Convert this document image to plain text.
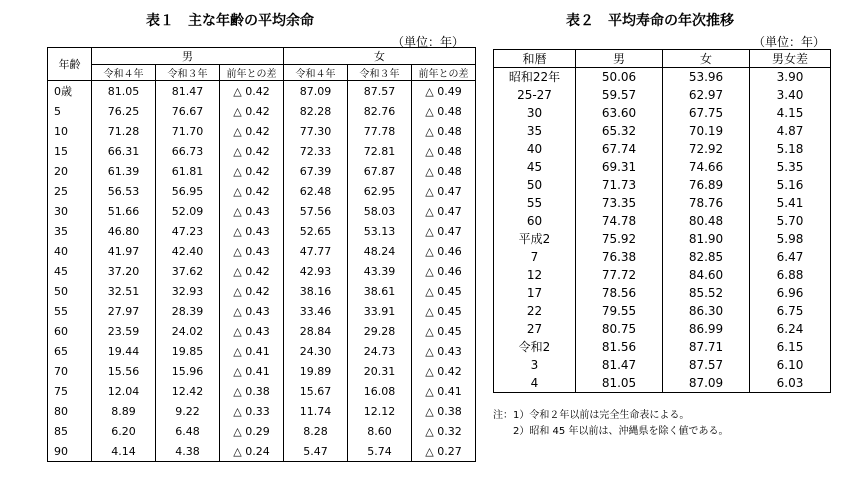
表１　主な年齢の平均余命
（単位：年）
年齢	男			女		
	令和４年	令和３年	前年との差	令和４年	令和３年	前年との差
0歳	81.05	81.47	△ 0.42	87.09	87.57	△ 0.49
5	76.25	76.67	△ 0.42	82.28	82.76	△ 0.48
10	71.28	71.70	△ 0.42	77.30	77.78	△ 0.48
15	66.31	66.73	△ 0.42	72.33	72.81	△ 0.48
20	61.39	61.81	△ 0.42	67.39	67.87	△ 0.48
25	56.53	56.95	△ 0.42	62.48	62.95	△ 0.47
30	51.66	52.09	△ 0.43	57.56	58.03	△ 0.47
35	46.80	47.23	△ 0.43	52.65	53.13	△ 0.47
40	41.97	42.40	△ 0.43	47.77	48.24	△ 0.46
45	37.20	37.62	△ 0.42	42.93	43.39	△ 0.46
50	32.51	32.93	△ 0.42	38.16	38.61	△ 0.45
55	27.97	28.39	△ 0.43	33.46	33.91	△ 0.45
60	23.59	24.02	△ 0.43	28.84	29.28	△ 0.45
65	19.44	19.85	△ 0.41	24.30	24.73	△ 0.43
70	15.56	15.96	△ 0.41	19.89	20.31	△ 0.42
75	12.04	12.42	△ 0.38	15.67	16.08	△ 0.41
80	8.89	9.22	△ 0.33	11.74	12.12	△ 0.38
85	6.20	6.48	△ 0.29	8.28	8.60	△ 0.32
90	4.14	4.38	△ 0.24	5.47	5.74	△ 0.27
表２　平均寿命の年次推移
（単位：年）
和暦	男	女	男女差
昭和22年	50.06	53.96	3.90
25-27	59.57	62.97	3.40
30	63.60	67.75	4.15
35	65.32	70.19	4.87
40	67.74	72.92	5.18
45	69.31	74.66	5.35
50	71.73	76.89	5.16
55	73.35	78.76	5.41
60	74.78	80.48	5.70
平成2	75.92	81.90	5.98
7	76.38	82.85	6.47
12	77.72	84.60	6.88
17	78.56	85.52	6.96
22	79.55	86.30	6.75
27	80.75	86.99	6.24
令和2	81.56	87.71	6.15
3	81.47	87.57	6.10
4	81.05	87.09	6.03
注：1）令和２年以前は完全生命表による。
　　2）昭和 45 年以前は、沖縄県を除く値である。
